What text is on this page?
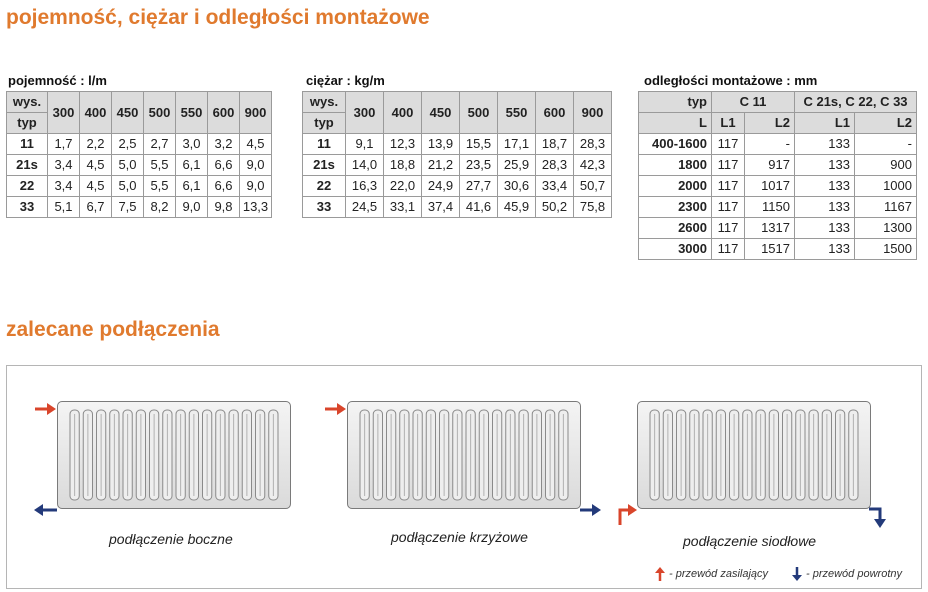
pojemność, ciężar i odległości montażowe
pojemność : l/m
wys.	300	400	450	500	550	600	900
typ							
11	1,7	2,2	2,5	2,7	3,0	3,2	4,5
21s	3,4	4,5	5,0	5,5	6,1	6,6	9,0
22	3,4	4,5	5,0	5,5	6,1	6,6	9,0
33	5,1	6,7	7,5	8,2	9,0	9,8	13,3
ciężar : kg/m
wys.	300	400	450	500	550	600	900
typ							
11	9,1	12,3	13,9	15,5	17,1	18,7	28,3
21s	14,0	18,8	21,2	23,5	25,9	28,3	42,3
22	16,3	22,0	24,9	27,7	30,6	33,4	50,7
33	24,5	33,1	37,4	41,6	45,9	50,2	75,8
odległości montażowe : mm
typ	C 11		C 21s, C 22, C 33	
L	L1	L2	L1	L2
400-1600	117	-	133	-
1800	117	917	133	900
2000	117	1017	133	1000
2300	117	1150	133	1167
2600	117	1317	133	1300
3000	117	1517	133	1500
zalecane podłączenia
podłączenie boczne	podłączenie krzyżowe	podłączenie siodłowe
- przewód zasilający	- przewód powrotny
